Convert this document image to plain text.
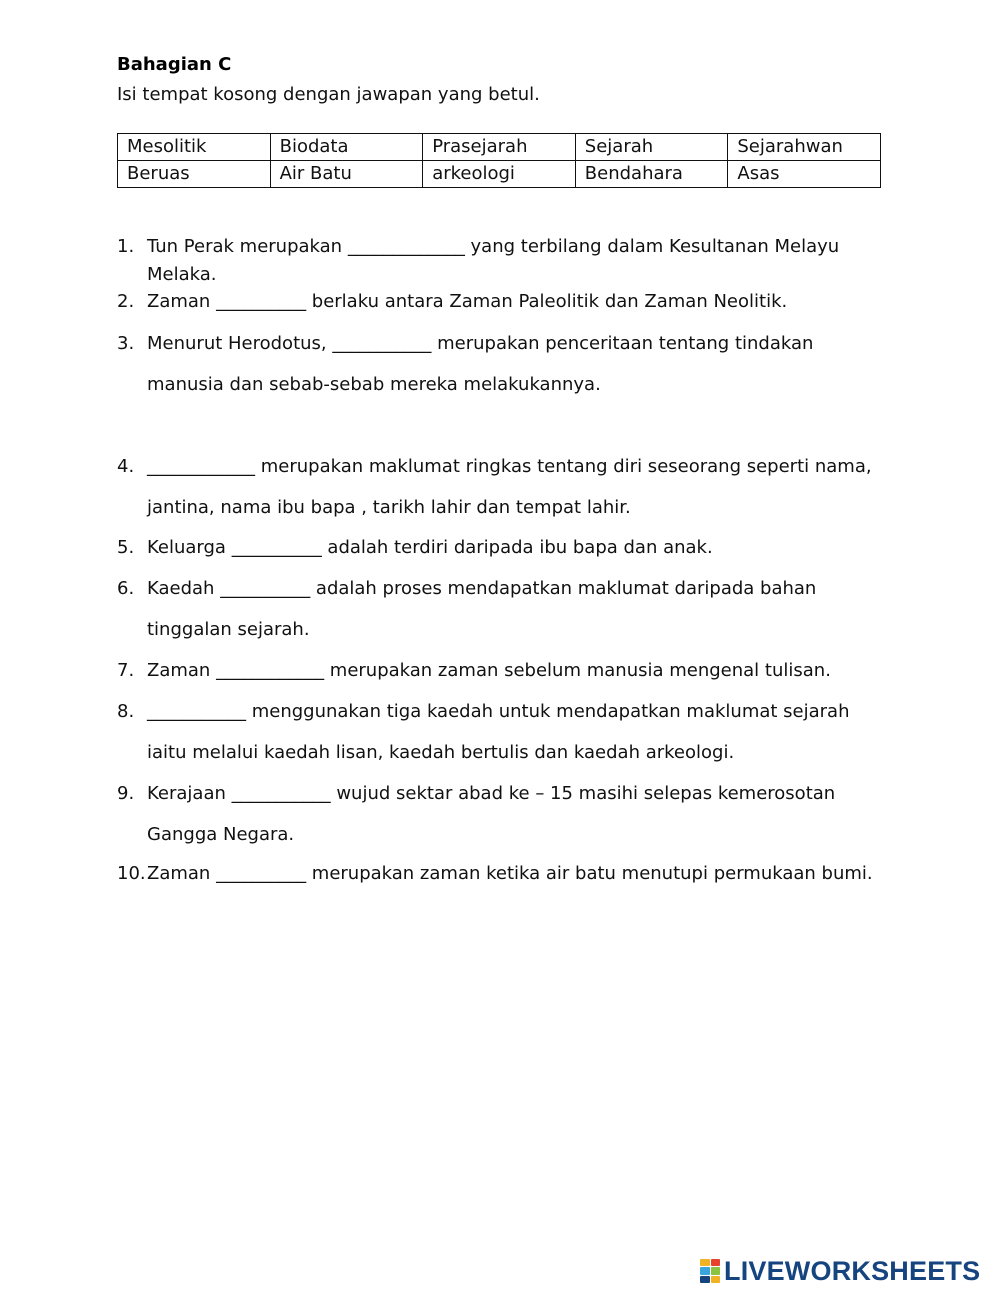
Bahagian C
Isi tempat kosong dengan jawapan yang betul.
Mesolitik	Biodata	Prasejarah	Sejarah	Sejarahwan
Beruas	Air Batu	arkeologi	Bendahara	Asas
1. Tun Perak merupakan _____________ yang terbilang dalam Kesultanan Melayu Melaka.
2. Zaman __________ berlaku antara Zaman Paleolitik dan Zaman Neolitik.
3. Menurut Herodotus, ___________ merupakan penceritaan tentang tindakan manusia dan sebab-sebab mereka melakukannya.
4. ____________ merupakan maklumat ringkas tentang diri seseorang seperti nama, jantina, nama ibu bapa , tarikh lahir dan tempat lahir.
5. Keluarga __________ adalah terdiri daripada ibu bapa dan anak.
6. Kaedah __________ adalah proses mendapatkan maklumat daripada bahan tinggalan sejarah.
7. Zaman ____________ merupakan zaman sebelum manusia mengenal tulisan.
8. ___________ menggunakan tiga kaedah untuk mendapatkan maklumat sejarah iaitu melalui kaedah lisan, kaedah bertulis dan kaedah arkeologi.
9. Kerajaan ___________ wujud sektar abad ke – 15 masihi selepas kemerosotan Gangga Negara.
10. Zaman __________ merupakan zaman ketika air batu menutupi permukaan bumi.
LIVEWORKSHEETS
